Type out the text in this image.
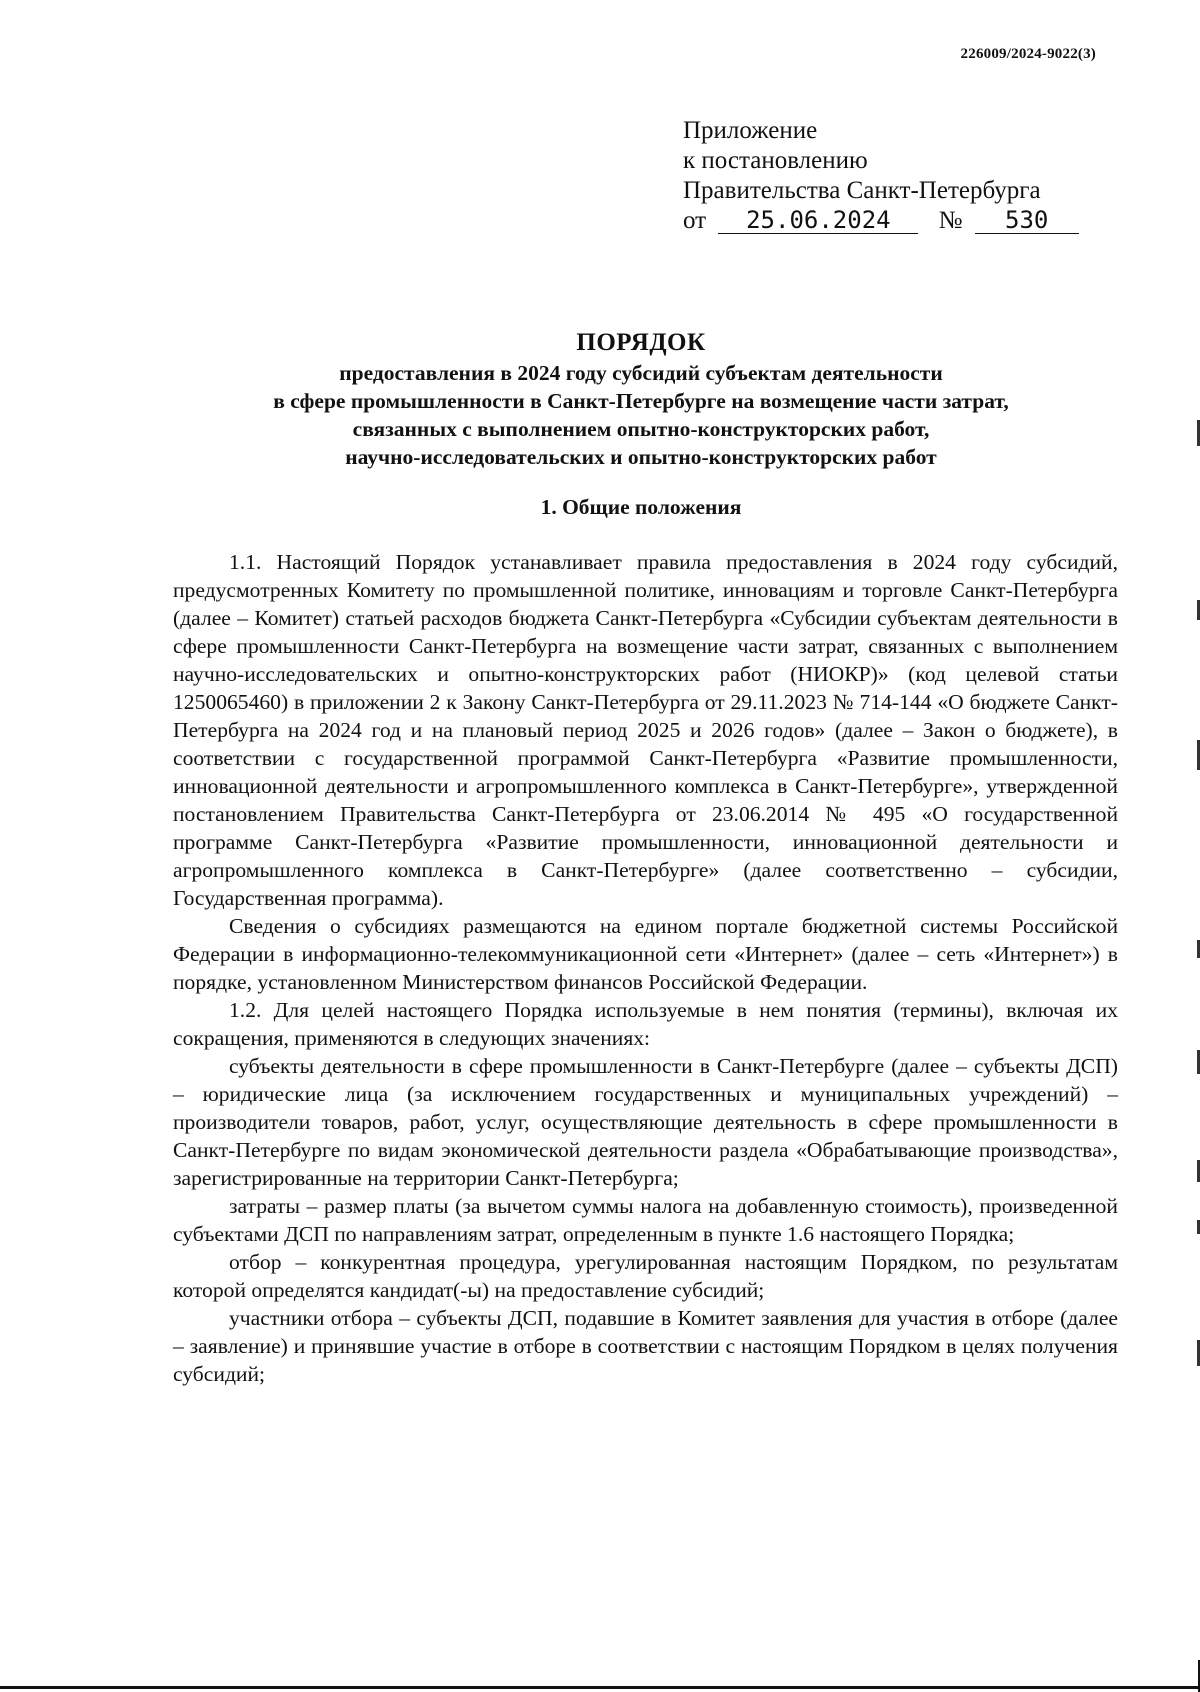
226009/2024-9022(3)
Приложение
к постановлению
Правительства Санкт-Петербурга
от 25.06.2024 № 530
ПОРЯДОК
предоставления в 2024 году субсидий субъектам деятельности
в сфере промышленности в Санкт-Петербурге на возмещение части затрат,
связанных с выполнением опытно-конструкторских работ,
научно-исследовательских и опытно-конструкторских работ
1. Общие положения

1.1. Настоящий Порядок устанавливает правила предоставления в 2024 году субсидий, предусмотренных Комитету по промышленной политике, инновациям и торговле Санкт-Петербурга (далее – Комитет) статьей расходов бюджета Санкт-Петербурга «Субсидии субъектам деятельности в сфере промышленности Санкт-Петербурга на возмещение части затрат, связанных с выполнением научно-исследовательских и опытно-конструкторских работ (НИОКР)» (код целевой статьи 1250065460) в приложении 2 к Закону Санкт-Петербурга от 29.11.2023 № 714-144 «О бюджете Санкт-Петербурга на 2024 год и на плановый период 2025 и 2026 годов» (далее – Закон о бюджете), в соответствии с государственной программой Санкт-Петербурга «Развитие промышленности, инновационной деятельности и агропромышленного комплекса в Санкт-Петербурге», утвержденной постановлением Правительства Санкт-Петербурга от 23.06.2014 № 495 «О государственной программе Санкт-Петербурга «Развитие промышленности, инновационной деятельности и агропромышленного комплекса в Санкт-Петербурге» (далее соответственно – субсидии, Государственная программа).

Сведения о субсидиях размещаются на едином портале бюджетной системы Российской Федерации в информационно-телекоммуникационной сети «Интернет» (далее – сеть «Интернет») в порядке, установленном Министерством финансов Российской Федерации.

1.2. Для целей настоящего Порядка используемые в нем понятия (термины), включая их сокращения, применяются в следующих значениях:

субъекты деятельности в сфере промышленности в Санкт-Петербурге (далее – субъекты ДСП) – юридические лица (за исключением государственных и муниципальных учреждений) – производители товаров, работ, услуг, осуществляющие деятельность в сфере промышленности в Санкт-Петербурге по видам экономической деятельности раздела «Обрабатывающие производства», зарегистрированные на территории Санкт-Петербурга;

затраты – размер платы (за вычетом суммы налога на добавленную стоимость), произведенной субъектами ДСП по направлениям затрат, определенным в пункте 1.6 настоящего Порядка;

отбор – конкурентная процедура, урегулированная настоящим Порядком, по результатам которой определятся кандидат(-ы) на предоставление субсидий;

участники отбора – субъекты ДСП, подавшие в Комитет заявления для участия в отборе (далее – заявление) и принявшие участие в отборе в соответствии с настоящим Порядком в целях получения субсидий;
